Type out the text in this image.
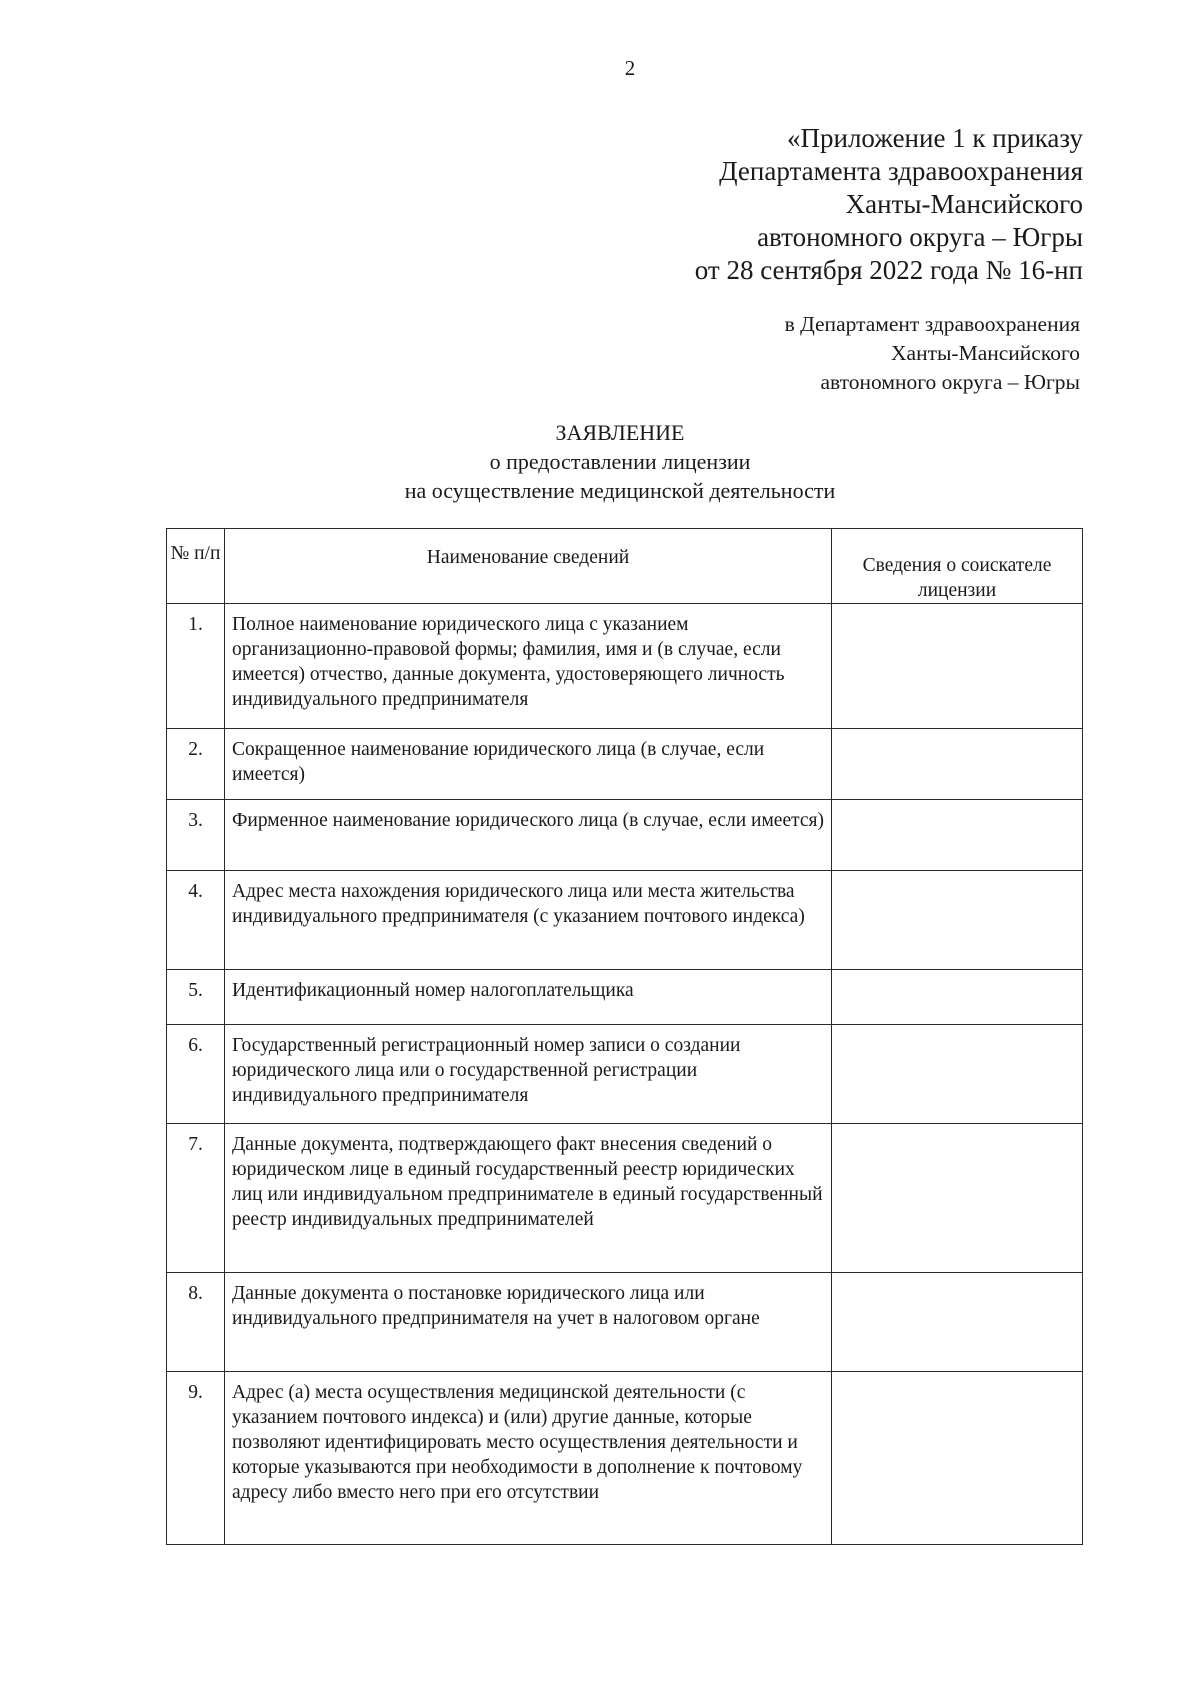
2
«Приложение 1 к приказу
Департамента здравоохранения
Ханты-Мансийского
автономного округа – Югры
от 28 сентября 2022 года № 16-нп
в Департамент здравоохранения
Ханты-Мансийского
автономного округа – Югры
ЗАЯВЛЕНИЕ
о предоставлении лицензии
на осуществление медицинской деятельности
№ п/п	Наименование сведений	Сведения о соискателе лицензии
1.	Полное наименование юридического лица с указанием организационно-правовой формы; фамилия, имя и (в случае, если имеется) отчество, данные документа, удостоверяющего личность индивидуального предпринимателя	
2.	Сокращенное наименование юридического лица (в случае, если имеется)	
3.	Фирменное наименование юридического лица (в случае, если имеется)	
4.	Адрес места нахождения юридического лица или места жительства индивидуального предпринимателя (с указанием почтового индекса)	
5.	Идентификационный номер налогоплательщика	
6.	Государственный регистрационный номер записи о создании юридического лица или о государственной регистрации индивидуального предпринимателя	
7.	Данные документа, подтверждающего факт внесения сведений о юридическом лице в единый государственный реестр юридических лиц или индивидуальном предпринимателе в единый государственный реестр индивидуальных предпринимателей	
8.	Данные документа о постановке юридического лица или индивидуального предпринимателя на учет в налоговом органе	
9.	Адрес (а) места осуществления медицинской деятельности (с указанием почтового индекса) и (или) другие данные, которые позволяют идентифицировать место осуществления деятельности и которые указываются при необходимости в дополнение к почтовому адресу либо вместо него при его отсутствии	
